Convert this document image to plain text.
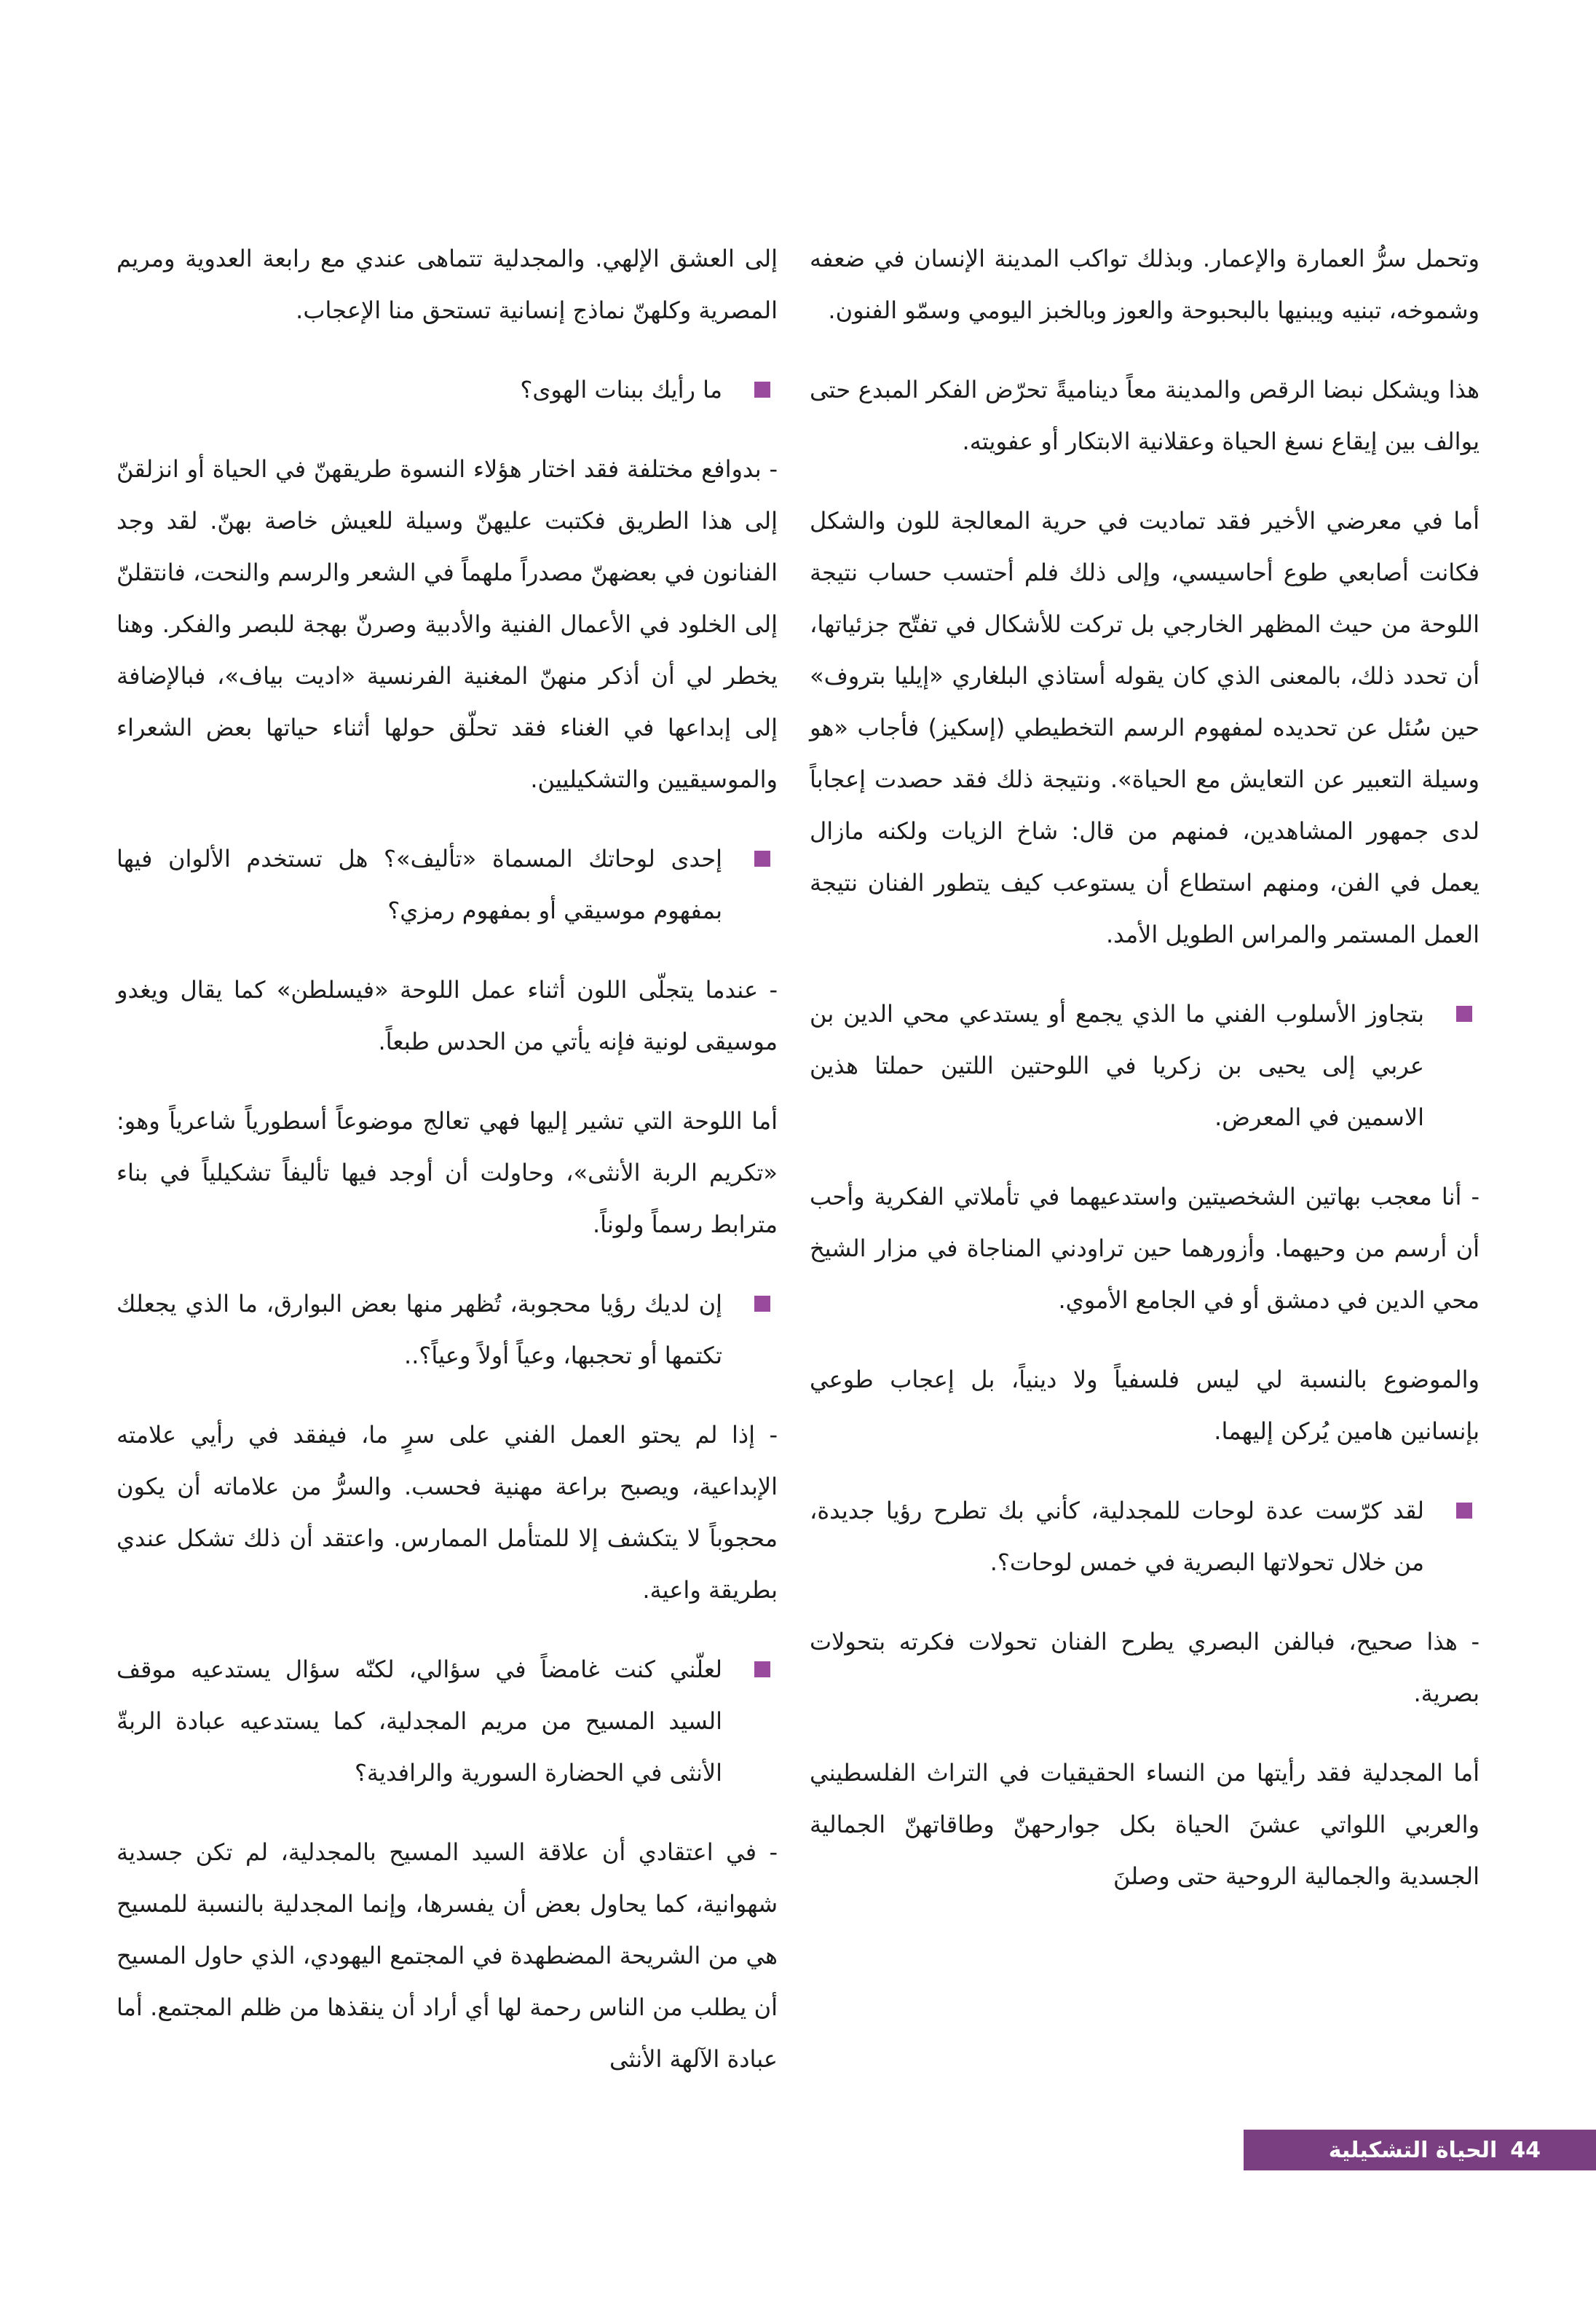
وتحمل سرُّ العمارة والإعمار. وبذلك تواكب المدينة الإنسان في ضعفه وشموخه، تبنيه ويبنيها بالبحبوحة والعوز وبالخبز اليومي وسمّو الفنون.

هذا ويشكل نبضا الرقص والمدينة معاً ديناميةً تحرّض الفكر المبدع حتى يوالف بين إيقاع نسغ الحياة وعقلانية الابتكار أو عفويته.

أما في معرضي الأخير فقد تماديت في حرية المعالجة للون والشكل فكانت أصابعي طوع أحاسيسي، وإلى ذلك فلم أحتسب حساب نتيجة اللوحة من حيث المظهر الخارجي بل تركت للأشكال في تفتّح جزئياتها، أن تحدد ذلك، بالمعنى الذي كان يقوله أستاذي البلغاري «إيليا بتروف» حين سُئل عن تحديده لمفهوم الرسم التخطيطي (إسكيز) فأجاب «هو وسيلة التعبير عن التعايش مع الحياة». ونتيجة ذلك فقد حصدت إعجاباً لدى جمهور المشاهدين، فمنهم من قال: شاخ الزيات ولكنه مازال يعمل في الفن، ومنهم استطاع أن يستوعب كيف يتطور الفنان نتيجة العمل المستمر والمراس الطويل الأمد.

بتجاوز الأسلوب الفني ما الذي يجمع أو يستدعي محي الدين بن عربي إلى يحيى بن زكريا في اللوحتين اللتين حملتا هذين الاسمين في المعرض.

- أنا معجب بهاتين الشخصيتين واستدعيهما في تأملاتي الفكرية وأحب أن أرسم من وحيهما. وأزورهما حين تراودني المناجاة في مزار الشيخ محي الدين في دمشق أو في الجامع الأموي.

والموضوع بالنسبة لي ليس فلسفياً ولا دينياً، بل إعجاب طوعي بإنسانين هامين يُركن إليهما.

لقد كرّست عدة لوحات للمجدلية، كأني بك تطرح رؤيا جديدة، من خلال تحولاتها البصرية في خمس لوحات؟.

- هذا صحيح، فبالفن البصري يطرح الفنان تحولات فكرته بتحولات بصرية.

أما المجدلية فقد رأيتها من النساء الحقيقيات في التراث الفلسطيني والعربي اللواتي عشنَ الحياة بكل جوارحهنّ وطاقاتهنّ الجمالية الجسدية والجمالية الروحية حتى وصلنَ

إلى العشق الإلهي. والمجدلية تتماهى عندي مع رابعة العدوية ومريم المصرية وكلهنّ نماذج إنسانية تستحق منا الإعجاب.

ما رأيك ببنات الهوى؟

- بدوافع مختلفة فقد اختار هؤلاء النسوة طريقهنّ في الحياة أو انزلقنّ إلى هذا الطريق فكتبت عليهنّ وسيلة للعيش خاصة بهنّ. لقد وجد الفنانون في بعضهنّ مصدراً ملهماً في الشعر والرسم والنحت، فانتقلنّ إلى الخلود في الأعمال الفنية والأدبية وصرنّ بهجة للبصر والفكر. وهنا يخطر لي أن أذكر منهنّ المغنية الفرنسية «اديت بياف»، فبالإضافة إلى إبداعها في الغناء فقد تحلّق حولها أثناء حياتها بعض الشعراء والموسيقيين والتشكيليين.

إحدى لوحاتك المسماة «تأليف»؟ هل تستخدم الألوان فيها بمفهوم موسيقي أو بمفهوم رمزي؟

- عندما يتجلّى اللون أثناء عمل اللوحة «فيسلطن» كما يقال ويغدو موسيقى لونية فإنه يأتي من الحدس طبعاً.

أما اللوحة التي تشير إليها فهي تعالج موضوعاً أسطورياً شاعرياً وهو: «تكريم الربة الأنثى»، وحاولت أن أوجد فيها تأليفاً تشكيلياً في بناء مترابط رسماً ولوناً.

إن لديك رؤيا محجوبة، تُظهر منها بعض البوارق، ما الذي يجعلك تكتمها أو تحجبها، وعياً أولاً وعياً؟..

- إذا لم يحتو العمل الفني على سرٍ ما، فيفقد في رأيي علامته الإبداعية، ويصبح براعة مهنية فحسب. والسرُّ من علاماته أن يكون محجوباً لا يتكشف إلا للمتأمل الممارس. واعتقد أن ذلك تشكل عندي بطريقة واعية.

لعلّني كنت غامضاً في سؤالي، لكنّه سؤال يستدعيه موقف السيد المسيح من مريم المجدلية، كما يستدعيه عبادة الربةّ الأنثى في الحضارة السورية والرافدية؟

- في اعتقادي أن علاقة السيد المسيح بالمجدلية، لم تكن جسدية شهوانية، كما يحاول بعض أن يفسرها، وإنما المجدلية بالنسبة للمسيح هي من الشريحة المضطهدة في المجتمع اليهودي، الذي حاول المسيح أن يطلب من الناس رحمة لها أي أراد أن ينقذها من ظلم المجتمع. أما عبادة الآلهة الأنثى

44
الحياة التشكيلية
